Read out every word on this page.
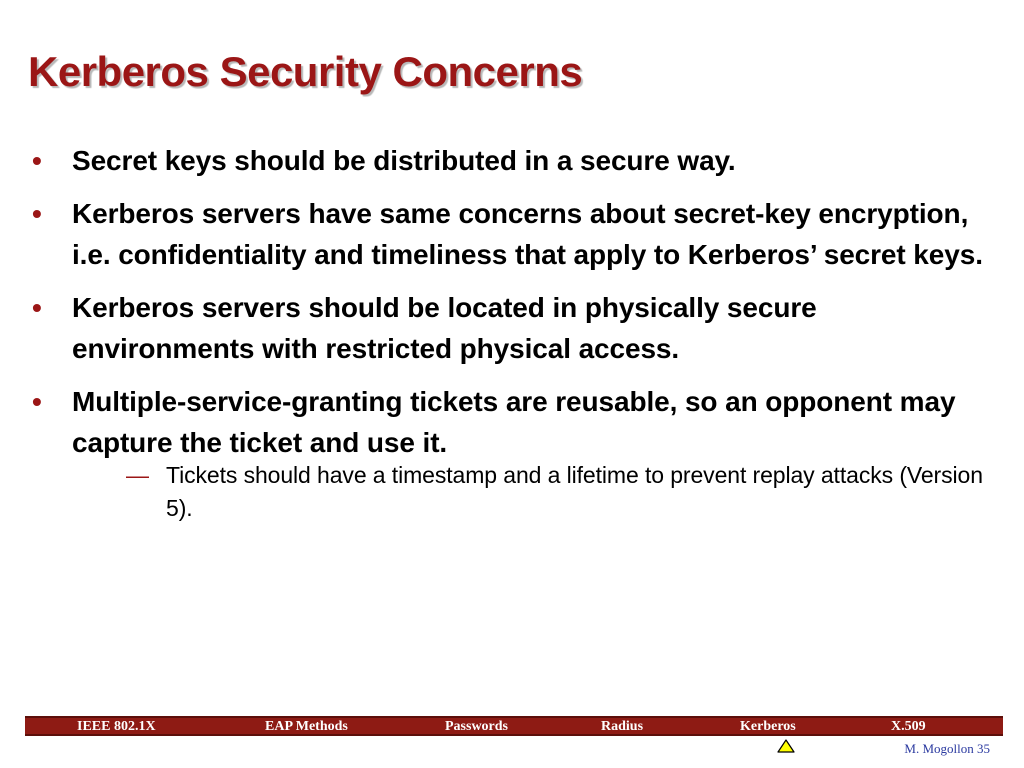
Kerberos Security Concerns
• Secret keys should be distributed in a secure way.
• Kerberos servers have same concerns about secret-key encryption, i.e. confidentiality and timeliness that apply to Kerberos’ secret keys.
• Kerberos servers should be located in physically secure environments with restricted physical access.
• Multiple-service-granting tickets are reusable, so an opponent may capture the ticket and use it.
— Tickets should have a timestamp and a lifetime to prevent replay attacks (Version 5).
IEEE 802.1X	EAP Methods	Passwords	Radius	Kerberos	X.509
M. Mogollon 35
